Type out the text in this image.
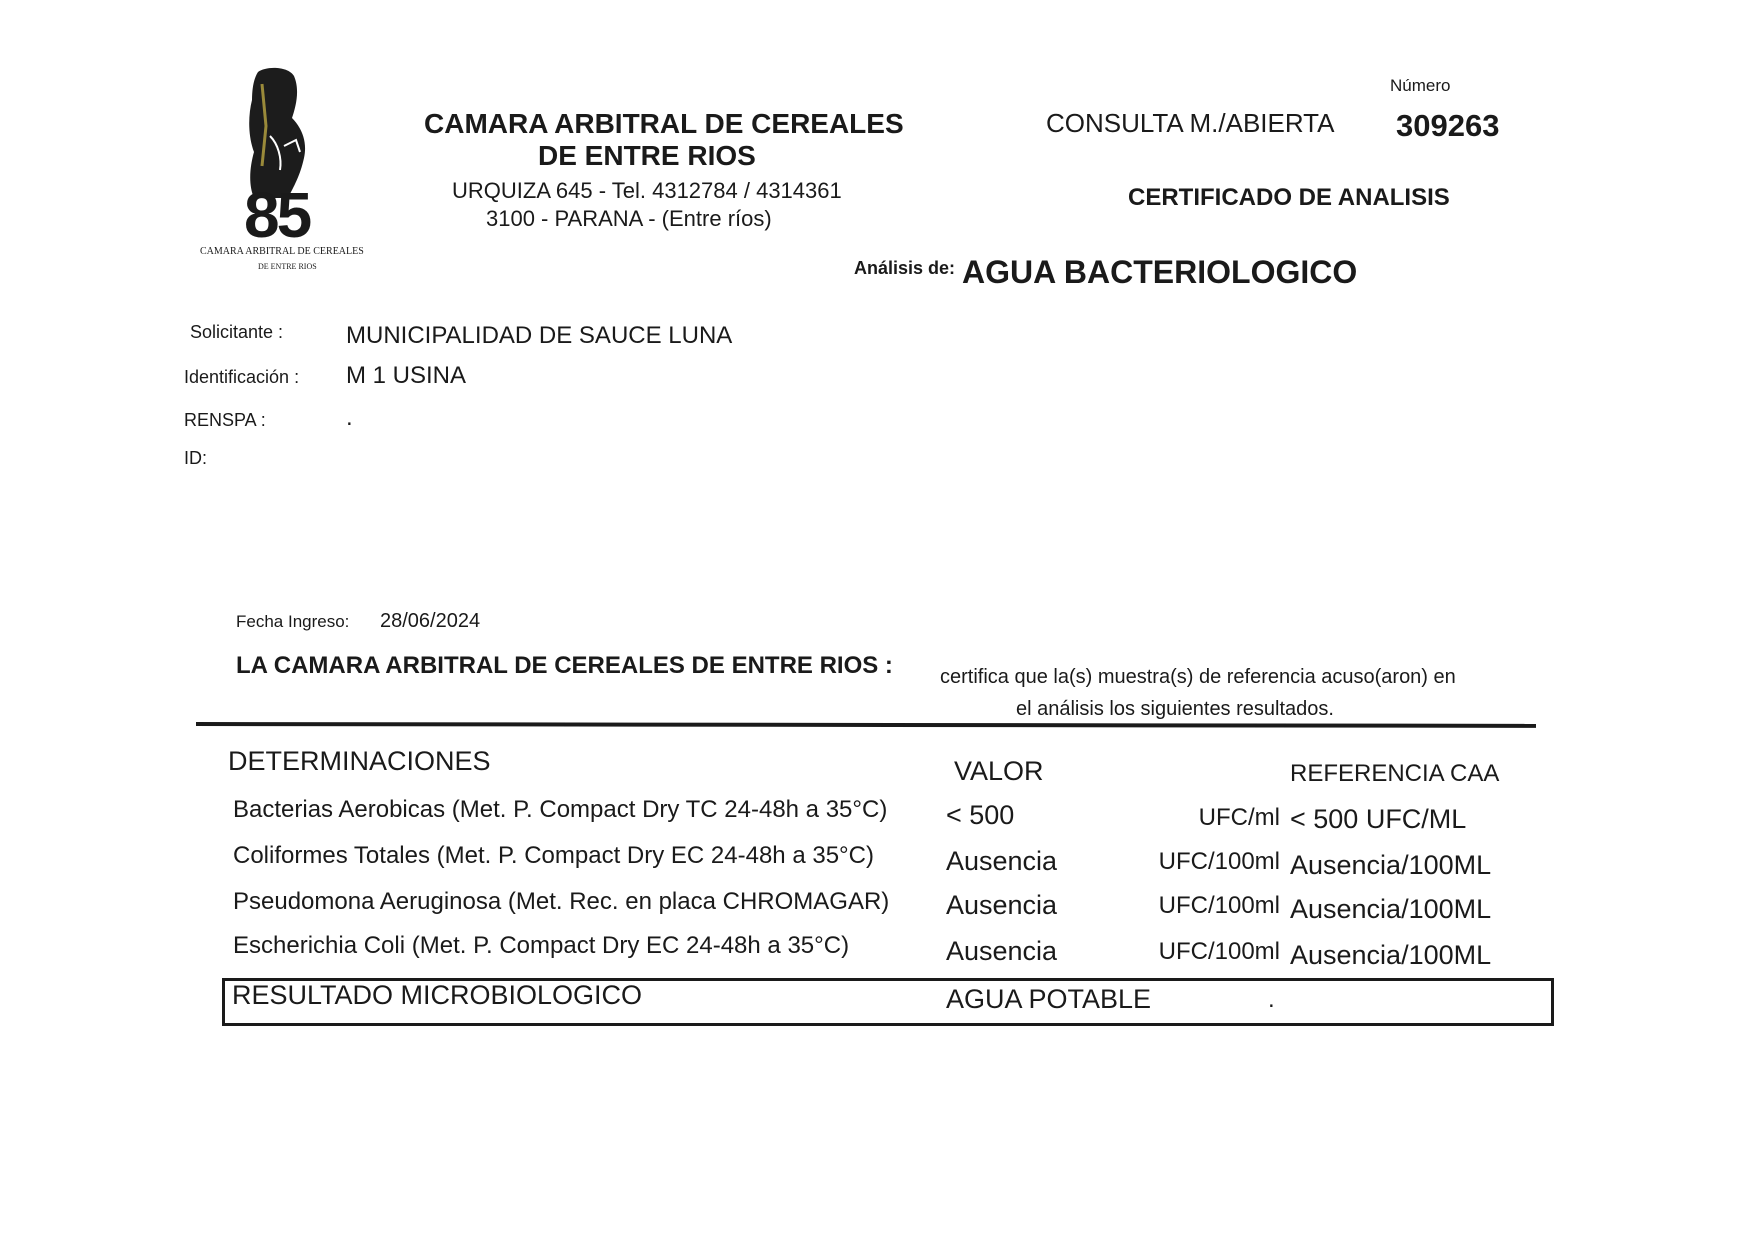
85
CAMARA ARBITRAL DE CEREALES
DE ENTRE RIOS
CAMARA ARBITRAL DE CEREALES
DE ENTRE RIOS
URQUIZA 645 - Tel. 4312784 / 4314361
3100 - PARANA - (Entre ríos)
Número
CONSULTA M./ABIERTA 309263
CERTIFICADO DE ANALISIS
Análisis de: AGUA BACTERIOLOGICO
Solicitante :	MUNICIPALIDAD DE SAUCE LUNA
Identificación : M 1 USINA
RENSPA :	.
ID:
Fecha Ingreso: 28/06/2024
LA CAMARA ARBITRAL DE CEREALES DE ENTRE RIOS : certifica que la(s) muestra(s) de referencia acuso(aron) en
el análisis los siguientes resultados.
DETERMINACIONES	VALOR	REFERENCIA CAA
Bacterias Aerobicas (Met. P. Compact Dry TC 24-48h a 35°C) < 500	UFC/ml < 500 UFC/ML
Coliformes Totales (Met. P. Compact Dry EC 24-48h a 35°C)	Ausencia	UFC/100ml Ausencia/100ML
Pseudomona Aeruginosa (Met. Rec. en placa CHROMAGAR) Ausencia	UFC/100ml Ausencia/100ML
Escherichia Coli (Met. P. Compact Dry EC 24-48h a 35°C)	Ausencia	UFC/100ml Ausencia/100ML
RESULTADO MICROBIOLOGICO	AGUA POTABLE	.
